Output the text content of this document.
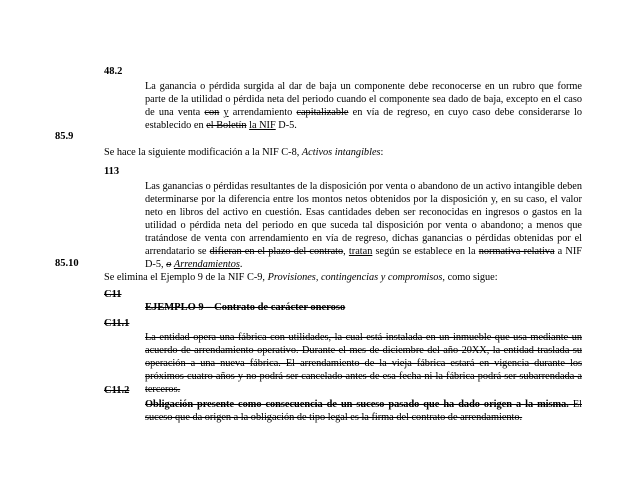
48.2
La ganancia o pérdida surgida al dar de baja un componente debe reconocerse en un rubro que forme parte de la utilidad o pérdida neta del periodo cuando el componente sea dado de baja, excepto en el caso de una venta con y arrendamiento capitalizable en vía de regreso, en cuyo caso debe considerarse lo establecido en el Boletín la NIF D-5.
85.9
Se hace la siguiente modificación a la NIF C-8, Activos intangibles:
113
Las ganancias o pérdidas resultantes de la disposición por venta o abandono de un activo intangible deben determinarse por la diferencia entre los montos netos obtenidos por la disposición y, en su caso, el valor neto en libros del activo en cuestión. Esas cantidades deben ser reconocidas en ingresos o gastos en la utilidad o pérdida neta del periodo en que suceda tal disposición por venta o abandono; a menos que tratándose de venta con arrendamiento en vía de regreso, dichas ganancias o pérdidas obtenidas por el arrendatario se difieran en el plazo del contrato, tratan según se establece en la normativa relativa a NIF D-5, o Arrendamientos.
85.10
Se elimina el Ejemplo 9 de la NIF C-9, Provisiones, contingencias y compromisos, como sigue:
C11
EJEMPLO 9 – Contrato de carácter oneroso
C11.1
La entidad opera una fábrica con utilidades, la cual está instalada en un inmueble que usa mediante un acuerdo de arrendamiento operativo. Durante el mes de diciembre del año 20XX, la entidad traslada su operación a una nueva fábrica. El arrendamiento de la vieja fábrica estará en vigencia durante los próximos cuatro años y no podrá ser cancelado antes de esa fecha ni la fábrica podrá ser subarrendada a terceros.
C11.2
Obligación presente como consecuencia de un suceso pasado que ha dado origen a la misma. El suceso que da origen a la obligación de tipo legal es la firma del contrato de arrendamiento.
